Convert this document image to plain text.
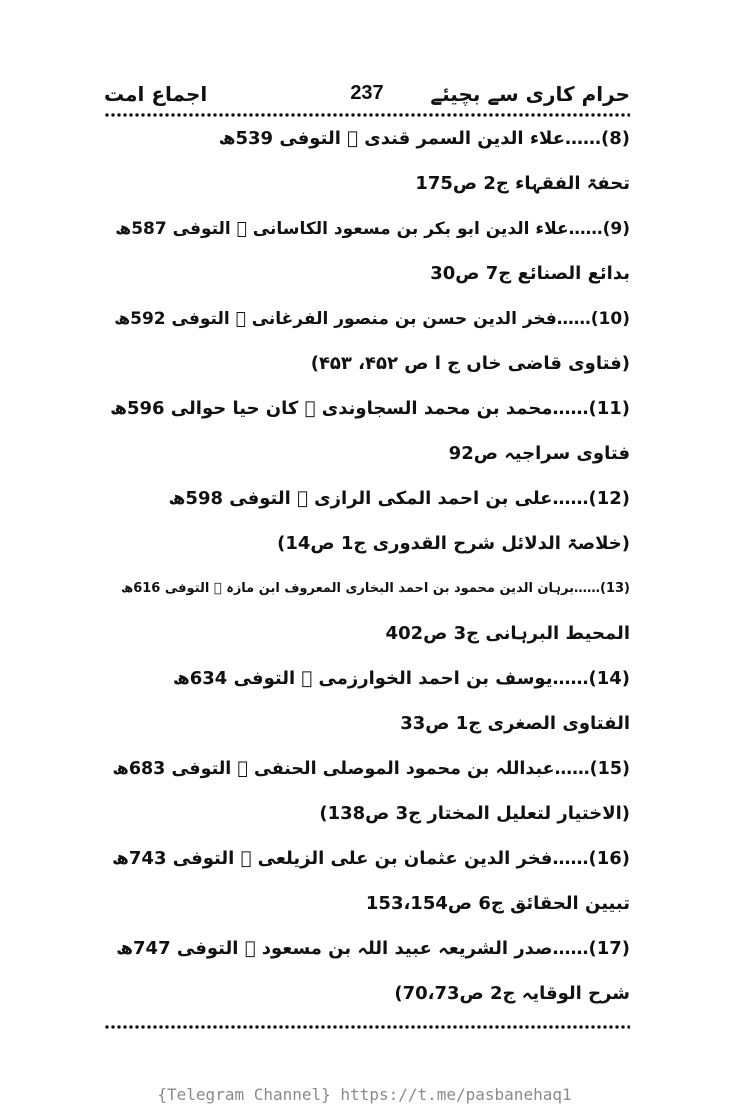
حرام کاری سے بچیئے
237
اجماع امت
(8)……علاء الدین السمر قندی ﷫ التوفی 539ھ
تحفۃ الفقہاء ج2 ص175
(9)……علاء الدین ابو بکر بن مسعود الکاسانی ﷫ التوفی 587ھ
بدائع الصنائع ج7 ص30
(10)……فخر الدین حسن بن منصور الفرغانی ﷫ التوفی 592ھ
(فتاوی قاضی خاں ج ا ص ۴۵۲، ۴۵۳)
(11)……محمد بن محمد السجاوندی ﷫ کان حیا حوالی 596ھ
فتاوی سراجیہ ص92
(12)……علی بن احمد المکی الرازی ﷫ التوفی 598ھ
(خلاصۃ الدلائل شرح القدوری ج1 ص14)
(13)……برہان الدین محمود بن احمد البخاری المعروف ابن مازہ ﷫ التوفی 616ھ
المحیط البرہانی ج3 ص402
(14)……یوسف بن احمد الخوارزمی ﷫ التوفی 634ھ
الفتاوی الصغری ج1 ص33
(15)……عبداللہ بن محمود الموصلی الحنفی ﷫ التوفی 683ھ
(الاختیار لتعلیل المختار ج3 ص138)
(16)……فخر الدین عثمان بن علی الزیلعی ﷫ التوفی 743ھ
تبیین الحقائق ج6 ص153،154
(17)……صدر الشریعہ عبید اللہ بن مسعود ﷫ التوفی 747ھ
شرح الوقایہ ج2 ص70،73)
{Telegram Channel} https://t.me/pasbanehaq1
